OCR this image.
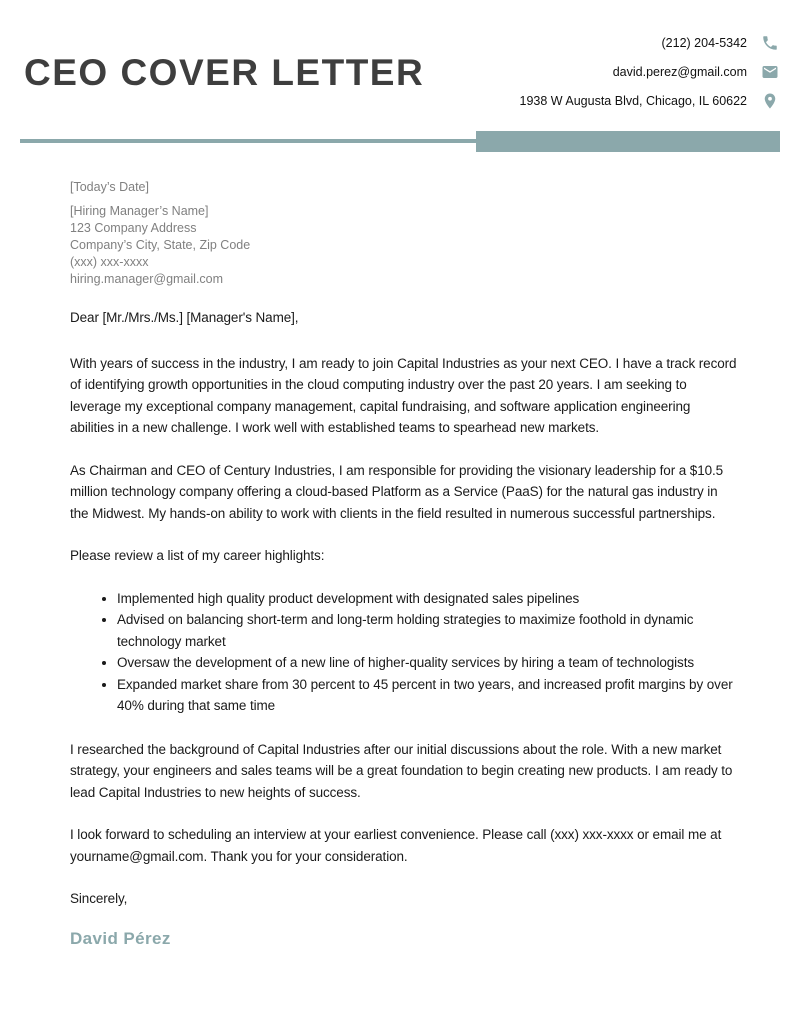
CEO COVER LETTER
(212) 204-5342
david.perez@gmail.com
1938 W Augusta Blvd, Chicago, IL 60622

[Today’s Date]

[Hiring Manager’s Name]

123 Company Address

Company’s City, State, Zip Code

(xxx) xxx-xxxx

hiring.manager@gmail.com

Dear [Mr./Mrs./Ms.] [Manager's Name],

With years of success in the industry, I am ready to join Capital Industries as your next CEO. I have a track record of identifying growth opportunities in the cloud computing industry over the past 20 years. I am seeking to leverage my exceptional company management, capital fundraising, and software application engineering abilities in a new challenge. I work well with established teams to spearhead new markets.

As Chairman and CEO of Century Industries, I am responsible for providing the visionary leadership for a $10.5 million technology company offering a cloud-based Platform as a Service (PaaS) for the natural gas industry in the Midwest. My hands-on ability to work with clients in the field resulted in numerous successful partnerships.

Please review a list of my career highlights:

• Implemented high quality product development with designated sales pipelines
• Advised on balancing short-term and long-term holding strategies to maximize foothold in dynamic technology market
• Oversaw the development of a new line of higher-quality services by hiring a team of technologists
• Expanded market share from 30 percent to 45 percent in two years, and increased profit margins by over 40% during that same time

I researched the background of Capital Industries after our initial discussions about the role. With a new market strategy, your engineers and sales teams will be a great foundation to begin creating new products. I am ready to lead Capital Industries to new heights of success.

I look forward to scheduling an interview at your earliest convenience. Please call (xxx) xxx-xxxx or email me at yourname@gmail.com. Thank you for your consideration.

Sincerely,

David Pérez
